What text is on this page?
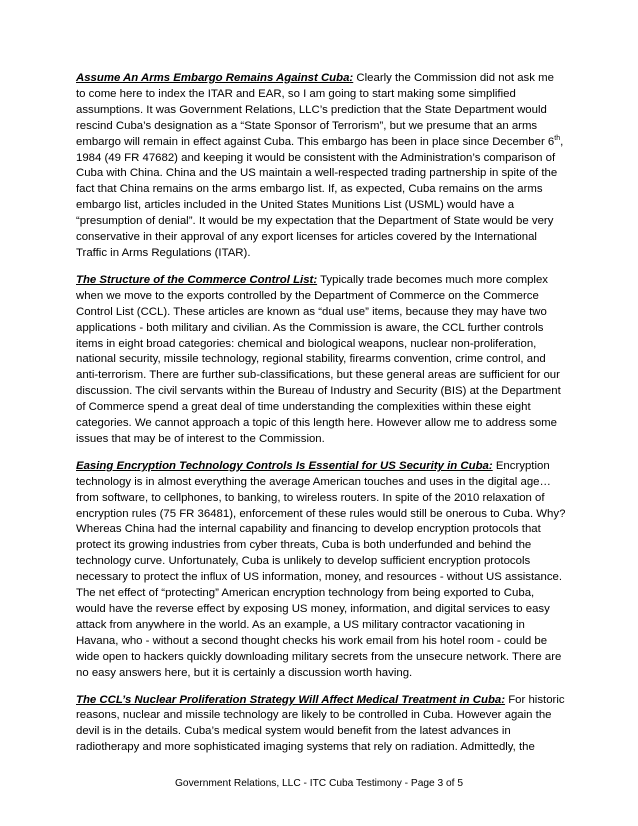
Assume An Arms Embargo Remains Against Cuba: Clearly the Commission did not ask me to come here to index the ITAR and EAR, so I am going to start making some simplified assumptions. It was Government Relations, LLC’s prediction that the State Department would rescind Cuba’s designation as a “State Sponsor of Terrorism”, but we presume that an arms embargo will remain in effect against Cuba. This embargo has been in place since December 6th, 1984 (49 FR 47682) and keeping it would be consistent with the Administration’s comparison of Cuba with China. China and the US maintain a well-respected trading partnership in spite of the fact that China remains on the arms embargo list. If, as expected, Cuba remains on the arms embargo list, articles included in the United States Munitions List (USML) would have a “presumption of denial”. It would be my expectation that the Department of State would be very conservative in their approval of any export licenses for articles covered by the International Traffic in Arms Regulations (ITAR).

The Structure of the Commerce Control List: Typically trade becomes much more complex when we move to the exports controlled by the Department of Commerce on the Commerce Control List (CCL). These articles are known as “dual use” items, because they may have two applications - both military and civilian. As the Commission is aware, the CCL further controls items in eight broad categories: chemical and biological weapons, nuclear non-proliferation, national security, missile technology, regional stability, firearms convention, crime control, and anti-terrorism. There are further sub-classifications, but these general areas are sufficient for our discussion. The civil servants within the Bureau of Industry and Security (BIS) at the Department of Commerce spend a great deal of time understanding the complexities within these eight categories. We cannot approach a topic of this length here. However allow me to address some issues that may be of interest to the Commission.

Easing Encryption Technology Controls Is Essential for US Security in Cuba: Encryption technology is in almost everything the average American touches and uses in the digital age…from software, to cellphones, to banking, to wireless routers. In spite of the 2010 relaxation of encryption rules (75 FR 36481), enforcement of these rules would still be onerous to Cuba. Why? Whereas China had the internal capability and financing to develop encryption protocols that protect its growing industries from cyber threats, Cuba is both underfunded and behind the technology curve. Unfortunately, Cuba is unlikely to develop sufficient encryption protocols necessary to protect the influx of US information, money, and resources - without US assistance. The net effect of “protecting” American encryption technology from being exported to Cuba, would have the reverse effect by exposing US money, information, and digital services to easy attack from anywhere in the world. As an example, a US military contractor vacationing in Havana, who - without a second thought checks his work email from his hotel room - could be wide open to hackers quickly downloading military secrets from the unsecure network. There are no easy answers here, but it is certainly a discussion worth having.

The CCL’s Nuclear Proliferation Strategy Will Affect Medical Treatment in Cuba: For historic reasons, nuclear and missile technology are likely to be controlled in Cuba. However again the devil is in the details. Cuba’s medical system would benefit from the latest advances in radiotherapy and more sophisticated imaging systems that rely on radiation. Admittedly, the

Government Relations, LLC - ITC Cuba Testimony - Page 3 of 5
